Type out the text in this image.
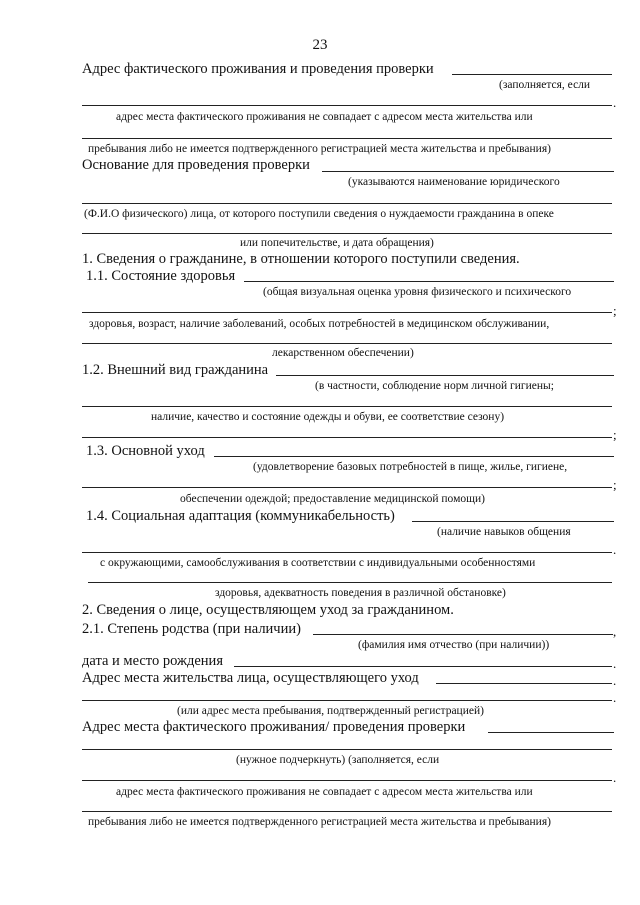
23
Адрес фактического проживания и проведения проверки
(заполняется, если
.
адрес места фактического проживания не совпадает с адресом места жительства или
пребывания либо не имеется подтвержденного регистрацией места жительства и пребывания)
Основание для проведения проверки
(указываются наименование юридического
(Ф.И.О физического) лица, от которого поступили сведения о нуждаемости гражданина в опеке
или попечительстве, и дата обращения)
1. Сведения о гражданине, в отношении которого поступили сведения.
1.1. Состояние здоровья
(общая визуальная оценка уровня физического и психического
;
здоровья, возраст, наличие заболеваний, особых потребностей в медицинском обслуживании,
лекарственном обеспечении)
1.2. Внешний вид гражданина
(в частности, соблюдение норм личной гигиены;
наличие, качество и состояние одежды и обуви, ее соответствие сезону)
;
1.3. Основной уход
(удовлетворение базовых потребностей в пище, жилье, гигиене,
;
обеспечении одеждой; предоставление медицинской помощи)
1.4. Социальная адаптация (коммуникабельность)
(наличие навыков общения
.
с окружающими, самообслуживания в соответствии с индивидуальными особенностями
здоровья, адекватность поведения в различной обстановке)
2. Сведения о лице, осуществляющем уход за гражданином.
2.1. Степень родства (при наличии)	,
(фамилия имя отчество (при наличии))
дата и место рождения	.
Адрес места жительства лица, осуществляющего уход	.
.
(или адрес места пребывания, подтвержденный регистрацией)
Адрес места фактического проживания/ проведения проверки
(нужное подчеркнуть) (заполняется, если
.
адрес места фактического проживания не совпадает с адресом места жительства или
пребывания либо не имеется подтвержденного регистрацией места жительства и пребывания)
